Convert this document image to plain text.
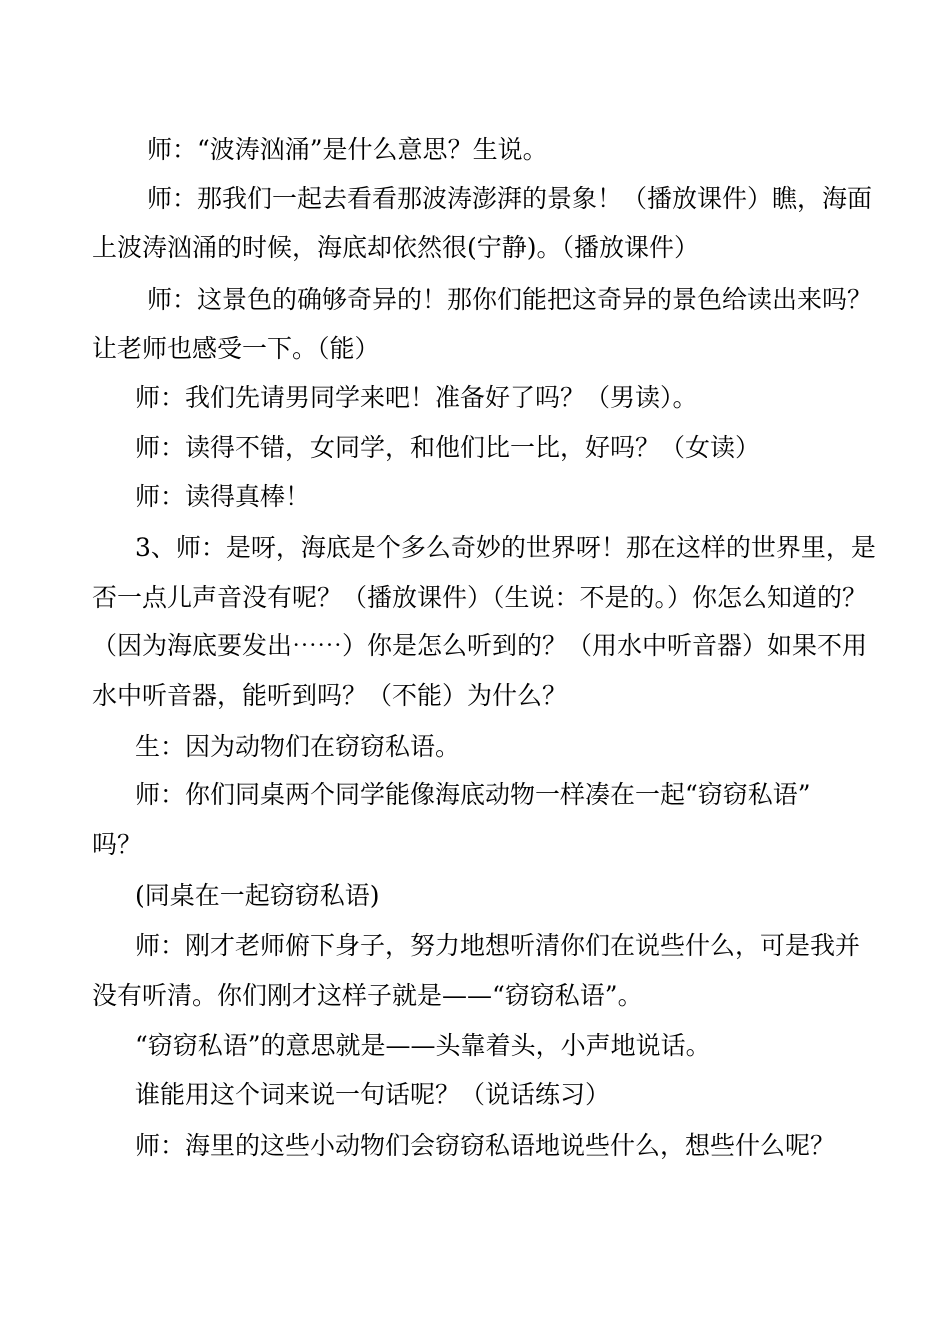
师：“波涛汹涌”是什么意思？生说。

师：那我们一起去看看那波涛澎湃的景象！（播放课件）瞧，海面

上波涛汹涌的时候，海底却依然很(宁静)。（播放课件）

师：这景色的确够奇异的！那你们能把这奇异的景色给读出来吗？

让老师也感受一下。（能）

师：我们先请男同学来吧！准备好了吗？（男读）。

师：读得不错，女同学，和他们比一比，好吗？（女读）

师：读得真棒！

3、师：是呀，海底是个多么奇妙的世界呀！那在这样的世界里，是

否一点儿声音没有呢？（播放课件）（生说：不是的。）你怎么知道的？

（因为海底要发出⋯⋯）你是怎么听到的？（用水中听音器）如果不用

水中听音器，能听到吗？（不能）为什么？

生：因为动物们在窃窃私语。

师：你们同桌两个同学能像海底动物一样凑在一起“窃窃私语”

吗？

(同桌在一起窃窃私语)

师：刚才老师俯下身子，努力地想听清你们在说些什么，可是我并

没有听清。你们刚才这样子就是——“窃窃私语”。

“窃窃私语”的意思就是——头靠着头，小声地说话。

谁能用这个词来说一句话呢？（说话练习）

师：海里的这些小动物们会窃窃私语地说些什么，想些什么呢？
